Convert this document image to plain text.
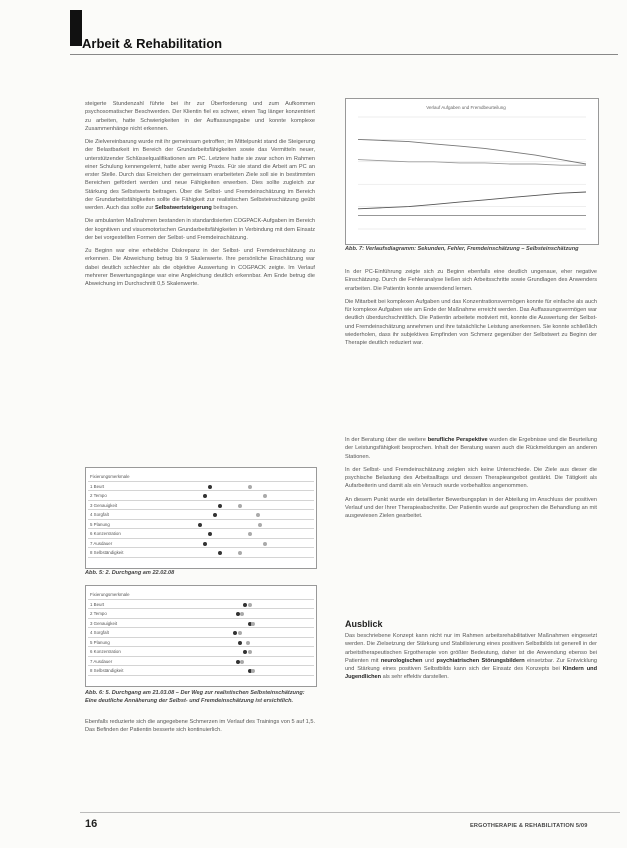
Arbeit & Rehabilitation

steigerte Stundenzahl führte bei ihr zur Überforderung und zum Aufkommen psychosomatischer Beschwerden. Der Klientin fiel es schwer, einen Tag länger konzentriert zu arbeiten, hatte Schwierigkeiten in der Auffassungsgabe und konnte komplexe Zusammenhänge nicht erkennen.

Die Zielvereinbarung wurde mit ihr gemeinsam getroffen; im Mittelpunkt stand die Steigerung der Belastbarkeit im Bereich der Grundarbeitsfähigkeiten sowie das Vermitteln neuer, unterstützender Schlüsselqualifikationen am PC. Letztere hatte sie zwar schon im Rahmen einer Schulung kennengelernt, hatte aber wenig Praxis. Für sie stand die Arbeit am PC an erster Stelle. Durch das Erreichen der gemeinsam erarbeiteten Ziele soll sie in bestimmten Bereichen gefördert werden und neue Fähigkeiten erwerben. Dies sollte zugleich zur Stärkung des Selbstwerts beitragen. Über die Selbst- und Fremdeinschätzung im Bereich der Grundarbeitsfähigkeiten sollte die Fähigkeit zur realistischen Selbsteinschätzung geübt werden. Auch das sollte zur Selbstwertsteigerung beitragen.

Die ambulanten Maßnahmen bestanden in standardisierten COGPACK-Aufgaben im Bereich der kognitiven und visuomotorischen Grundarbeitsfähigkeiten in Verbindung mit dem Einsatz der bei vorgestellten Formen der Selbst- und Fremdeinschätzung.

Zu Beginn war eine erhebliche Diskrepanz in der Selbst- und Fremdeinschätzung zu erkennen. Die Abweichung betrug bis 9 Skalenwerte. Ihre persönliche Einschätzung war dabei deutlich schlechter als die objektive Auswertung in COGPACK zeigte. Im Verlauf mehrerer Bewertungsgänge war eine Angleichung deutlich erkennbar. Am Ende betrug die Abweichung im Durchschnitt 0,5 Skalenwerte.

Verlauf Aufgaben und Fremdbeurteilung
Abb. 7: Verlaufsdiagramm: Sekunden, Fehler, Fremdeinschätzung – Selbsteinschätzung

In der PC-Einführung zeigte sich zu Beginn ebenfalls eine deutlich ungenaue, eher negative Einschätzung. Durch die Fehleranalyse ließen sich Arbeitsschritte sowie Grundlagen des Anwenders erarbeiten. Die Patientin konnte anwendend lernen.

Die Mitarbeit bei komplexen Aufgaben und das Konzentrationsvermögen konnte für einfache als auch für komplexe Aufgaben wie am Ende der Maßnahme erreicht werden. Das Auffassungsvermögen war deutlich überdurchschnittlich. Die Patientin arbeitete motiviert mit, konnte die Auswertung der Selbst- und Fremdeinschätzung annehmen und ihre tatsächliche Leistung anerkennen. Sie konnte schließlich wiederholen, dass ihr subjektives Empfinden von Schmerz gegenüber der Selbstwert zu Beginn der Therapie deutlich reduziert war.

In der Beratung über die weitere berufliche Perspektive wurden die Ergebnisse und die Beurteilung der Leistungsfähigkeit besprochen. Inhalt der Beratung waren auch die Rückmeldungen an anderen Stationen.

In der Selbst- und Fremdeinschätzung zeigten sich keine Unterschiede. Die Ziele aus dieser die psychische Belastung des Arbeitsalltags und dessen Therapieangebot gestärkt. Die Tätigkeit als Aufarbeiterin und damit als ein Versuch wurde vorbehaltlos angenommen.

An diesem Punkt wurde ein detaillierter Bewerbungsplan in der Abteilung im Anschluss der positiven Verlauf und der Ihrer Therapieabschnitte. Der Patientin wurde auf gesprochen die Behandlung an mit ausgewiesen Zielen gearbeitet.

Ausblick

Das beschriebene Konzept kann nicht nur im Rahmen arbeitsrehabilitativer Maßnahmen eingesetzt werden. Die Zielsetzung der Stärkung und Stabilisierung eines positiven Selbstbilds ist generell in der arbeitstherapeutischen Ergotherapie von größter Bedeutung, daher ist die Anwendung ebenso bei Patienten mit neurologischen und psychiatrischen Störungsbildern einsetzbar. Zur Entwicklung und Stärkung eines positiven Selbstbilds kann sich der Einsatz des Konzepts bei Kindern und Jugendlichen als sehr effektiv darstellen.

Fixierungsmerkmale
1 Beurt
2 Tempo
3 Genauigkeit
4 Sorgfalt
5 Planung
6 Konzentration
7 Ausdauer
8 Selbständigkeit
Abb. 5: 2. Durchgang am 22.02.08
Fixierungsmerkmale
1 Beurt
2 Tempo
3 Genauigkeit
4 Sorgfalt
5 Planung
6 Konzentration
7 Ausdauer
8 Selbständigkeit
Abb. 6: 5. Durchgang am 21.03.08 – Der Weg zur realistischen Selbsteinschätzung: Eine deutliche Annäherung der Selbst- und Fremdeinschätzung ist ersichtlich.

Ebenfalls reduzierte sich die angegebene Schmerzen im Verlauf des Trainings von 5 auf 1,5. Das Befinden der Patientin besserte sich kontinuierlich.

16	ERGOTHERAPIE & REHABILITATION 5/09
